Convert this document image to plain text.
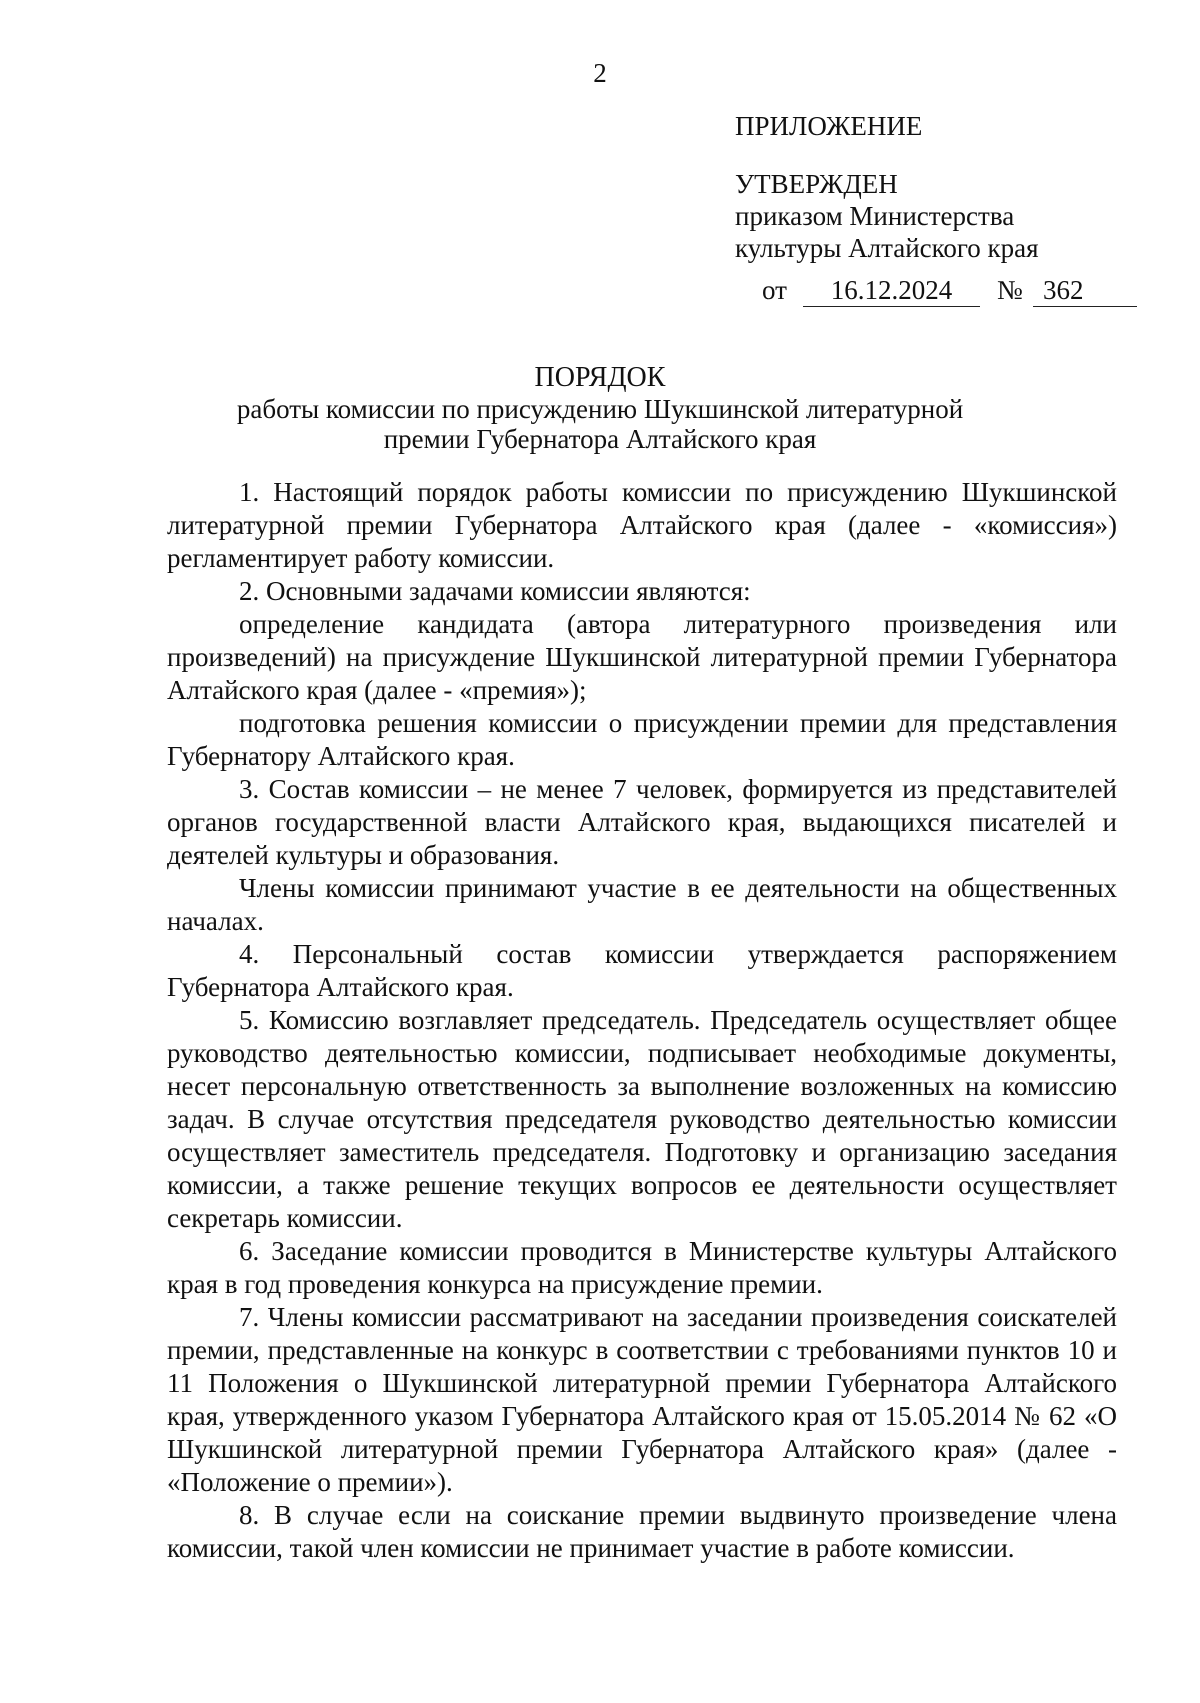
2
ПРИЛОЖЕНИЕ
УТВЕРЖДЕН
приказом Министерства
культуры Алтайского края
от	16.12.2024	№ 362
ПОРЯДОК
работы комиссии по присуждению Шукшинской литературной
премии Губернатора Алтайского края

1. Настоящий порядок работы комиссии по присуждению Шукшинской литературной премии Губернатора Алтайского края (далее - «комиссия») регламентирует работу комиссии.

2. Основными задачами комиссии являются:

определение кандидата (автора литературного произведения или произведений) на присуждение Шукшинской литературной премии Губернатора Алтайского края (далее - «премия»);

подготовка решения комиссии о присуждении премии для представления Губернатору Алтайского края.

3. Состав комиссии – не менее 7 человек, формируется из представителей органов государственной власти Алтайского края, выдающихся писателей и деятелей культуры и образования.

Члены комиссии принимают участие в ее деятельности на общественных началах.

4. Персональный состав комиссии утверждается распоряжением Губернатора Алтайского края.

5. Комиссию возглавляет председатель. Председатель осуществляет общее руководство деятельностью комиссии, подписывает необходимые документы, несет персональную ответственность за выполнение возложенных на комиссию задач. В случае отсутствия председателя руководство деятельностью комиссии осуществляет заместитель председателя. Подготовку и организацию заседания комиссии, а также решение текущих вопросов ее деятельности осуществляет секретарь комиссии.

6. Заседание комиссии проводится в Министерстве культуры Алтайского края в год проведения конкурса на присуждение премии.

7. Члены комиссии рассматривают на заседании произведения соискателей премии, представленные на конкурс в соответствии с требованиями пунктов 10 и 11 Положения о Шукшинской литературной премии Губернатора Алтайского края, утвержденного указом Губернатора Алтайского края от 15.05.2014 № 62 «О Шукшинской литературной премии Губернатора Алтайского края» (далее - «Положение о премии»).

8. В случае если на соискание премии выдвинуто произведение члена комиссии, такой член комиссии не принимает участие в работе комиссии.
